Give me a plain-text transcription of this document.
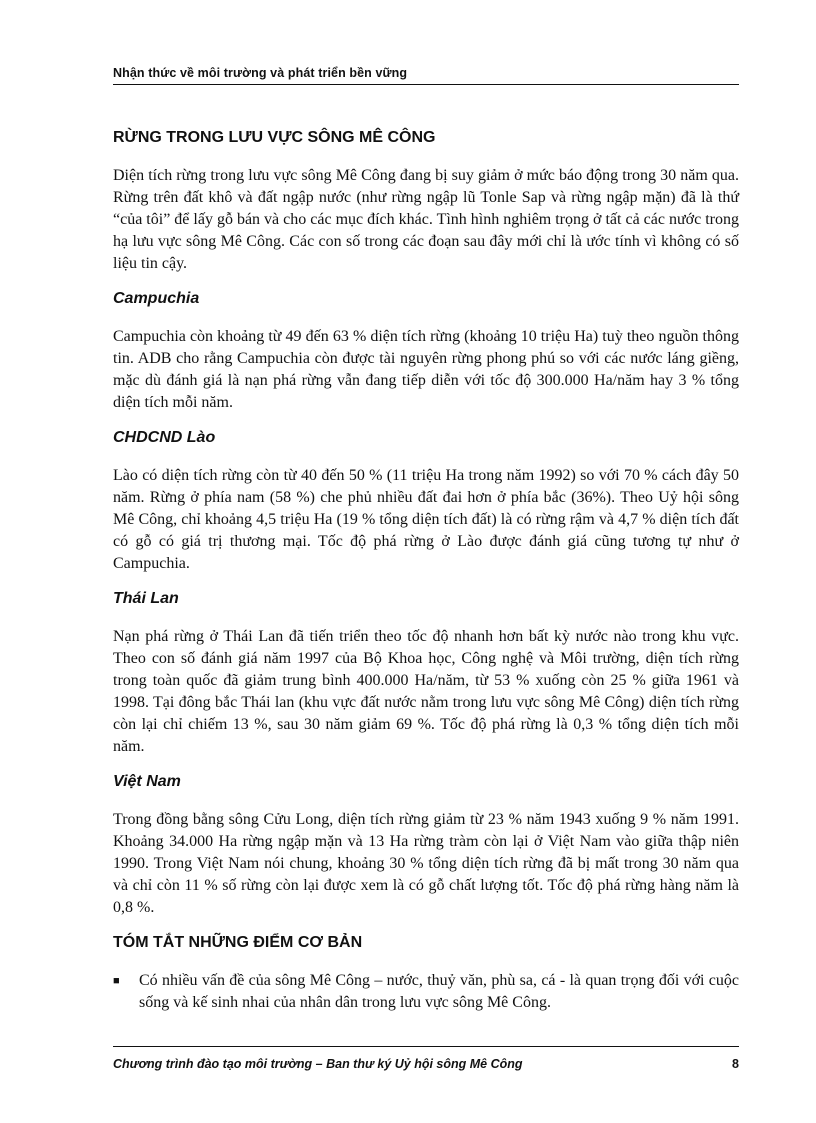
Nhận thức về môi trường và phát triển bền vững
RỪNG TRONG LƯU VỰC SÔNG MÊ CÔNG

Diện tích rừng trong lưu vực sông Mê Công đang bị suy giảm ở mức báo động trong 30 năm qua. Rừng trên đất khô và đất ngập nước (như rừng ngập lũ Tonle Sap và rừng ngập mặn) đã là thứ “của tôi” để lấy gỗ bán và cho các mục đích khác. Tình hình nghiêm trọng ở tất cả các nước trong hạ lưu vực sông Mê Công. Các con số trong các đoạn sau đây mới chỉ là ước tính vì không có số liệu tin cậy.

Campuchia

Campuchia còn khoảng từ 49 đến 63 % diện tích rừng (khoảng 10 triệu Ha) tuỳ theo nguồn thông tin. ADB cho rằng Campuchia còn được tài nguyên rừng phong phú so với các nước láng giềng, mặc dù đánh giá là nạn phá rừng vẫn đang tiếp diễn với tốc độ 300.000 Ha/năm hay 3 % tổng diện tích mỗi năm.

CHDCND Lào

Lào có diện tích rừng còn từ 40 đến 50 % (11 triệu Ha trong năm 1992) so với 70 % cách đây 50 năm. Rừng ở phía nam (58 %) che phủ nhiều đất đai hơn ở phía bắc (36%). Theo Uỷ hội sông Mê Công, chỉ khoảng 4,5 triệu Ha (19 % tổng diện tích đất) là có rừng rậm và 4,7 % diện tích đất có gỗ có giá trị thương mại. Tốc độ phá rừng ở Lào được đánh giá cũng tương tự như ở Campuchia.

Thái Lan

Nạn phá rừng ở Thái Lan đã tiến triển theo tốc độ nhanh hơn bất kỳ nước nào trong khu vực. Theo con số đánh giá năm 1997 của Bộ Khoa học, Công nghệ và Môi trường, diện tích rừng trong toàn quốc đã giảm trung bình 400.000 Ha/năm, từ 53 % xuống còn 25 % giữa 1961 và 1998. Tại đông bắc Thái lan (khu vực đất nước nằm trong lưu vực sông Mê Công) diện tích rừng còn lại chỉ chiếm 13 %, sau 30 năm giảm 69 %. Tốc độ phá rừng là 0,3 % tổng diện tích mỗi năm.

Việt Nam

Trong đồng bằng sông Cửu Long, diện tích rừng giảm từ 23 % năm 1943 xuống 9 % năm 1991. Khoảng 34.000 Ha rừng ngập mặn và 13 Ha rừng tràm còn lại ở Việt Nam vào giữa thập niên 1990. Trong Việt Nam nói chung, khoảng 30 % tổng diện tích rừng đã bị mất trong 30 năm qua và chỉ còn 11 % số rừng còn lại được xem là có gỗ chất lượng tốt. Tốc độ phá rừng hàng năm là 0,8 %.

TÓM TẮT NHỮNG ĐIỂM CƠ BẢN
■	Có nhiều vấn đề của sông Mê Công – nước, thuỷ văn, phù sa, cá - là quan trọng đối với cuộc sống và kế sinh nhai của nhân dân trong lưu vực sông Mê Công.
Chương trình đào tạo môi trường – Ban thư ký Uỷ hội sông Mê Công	8
